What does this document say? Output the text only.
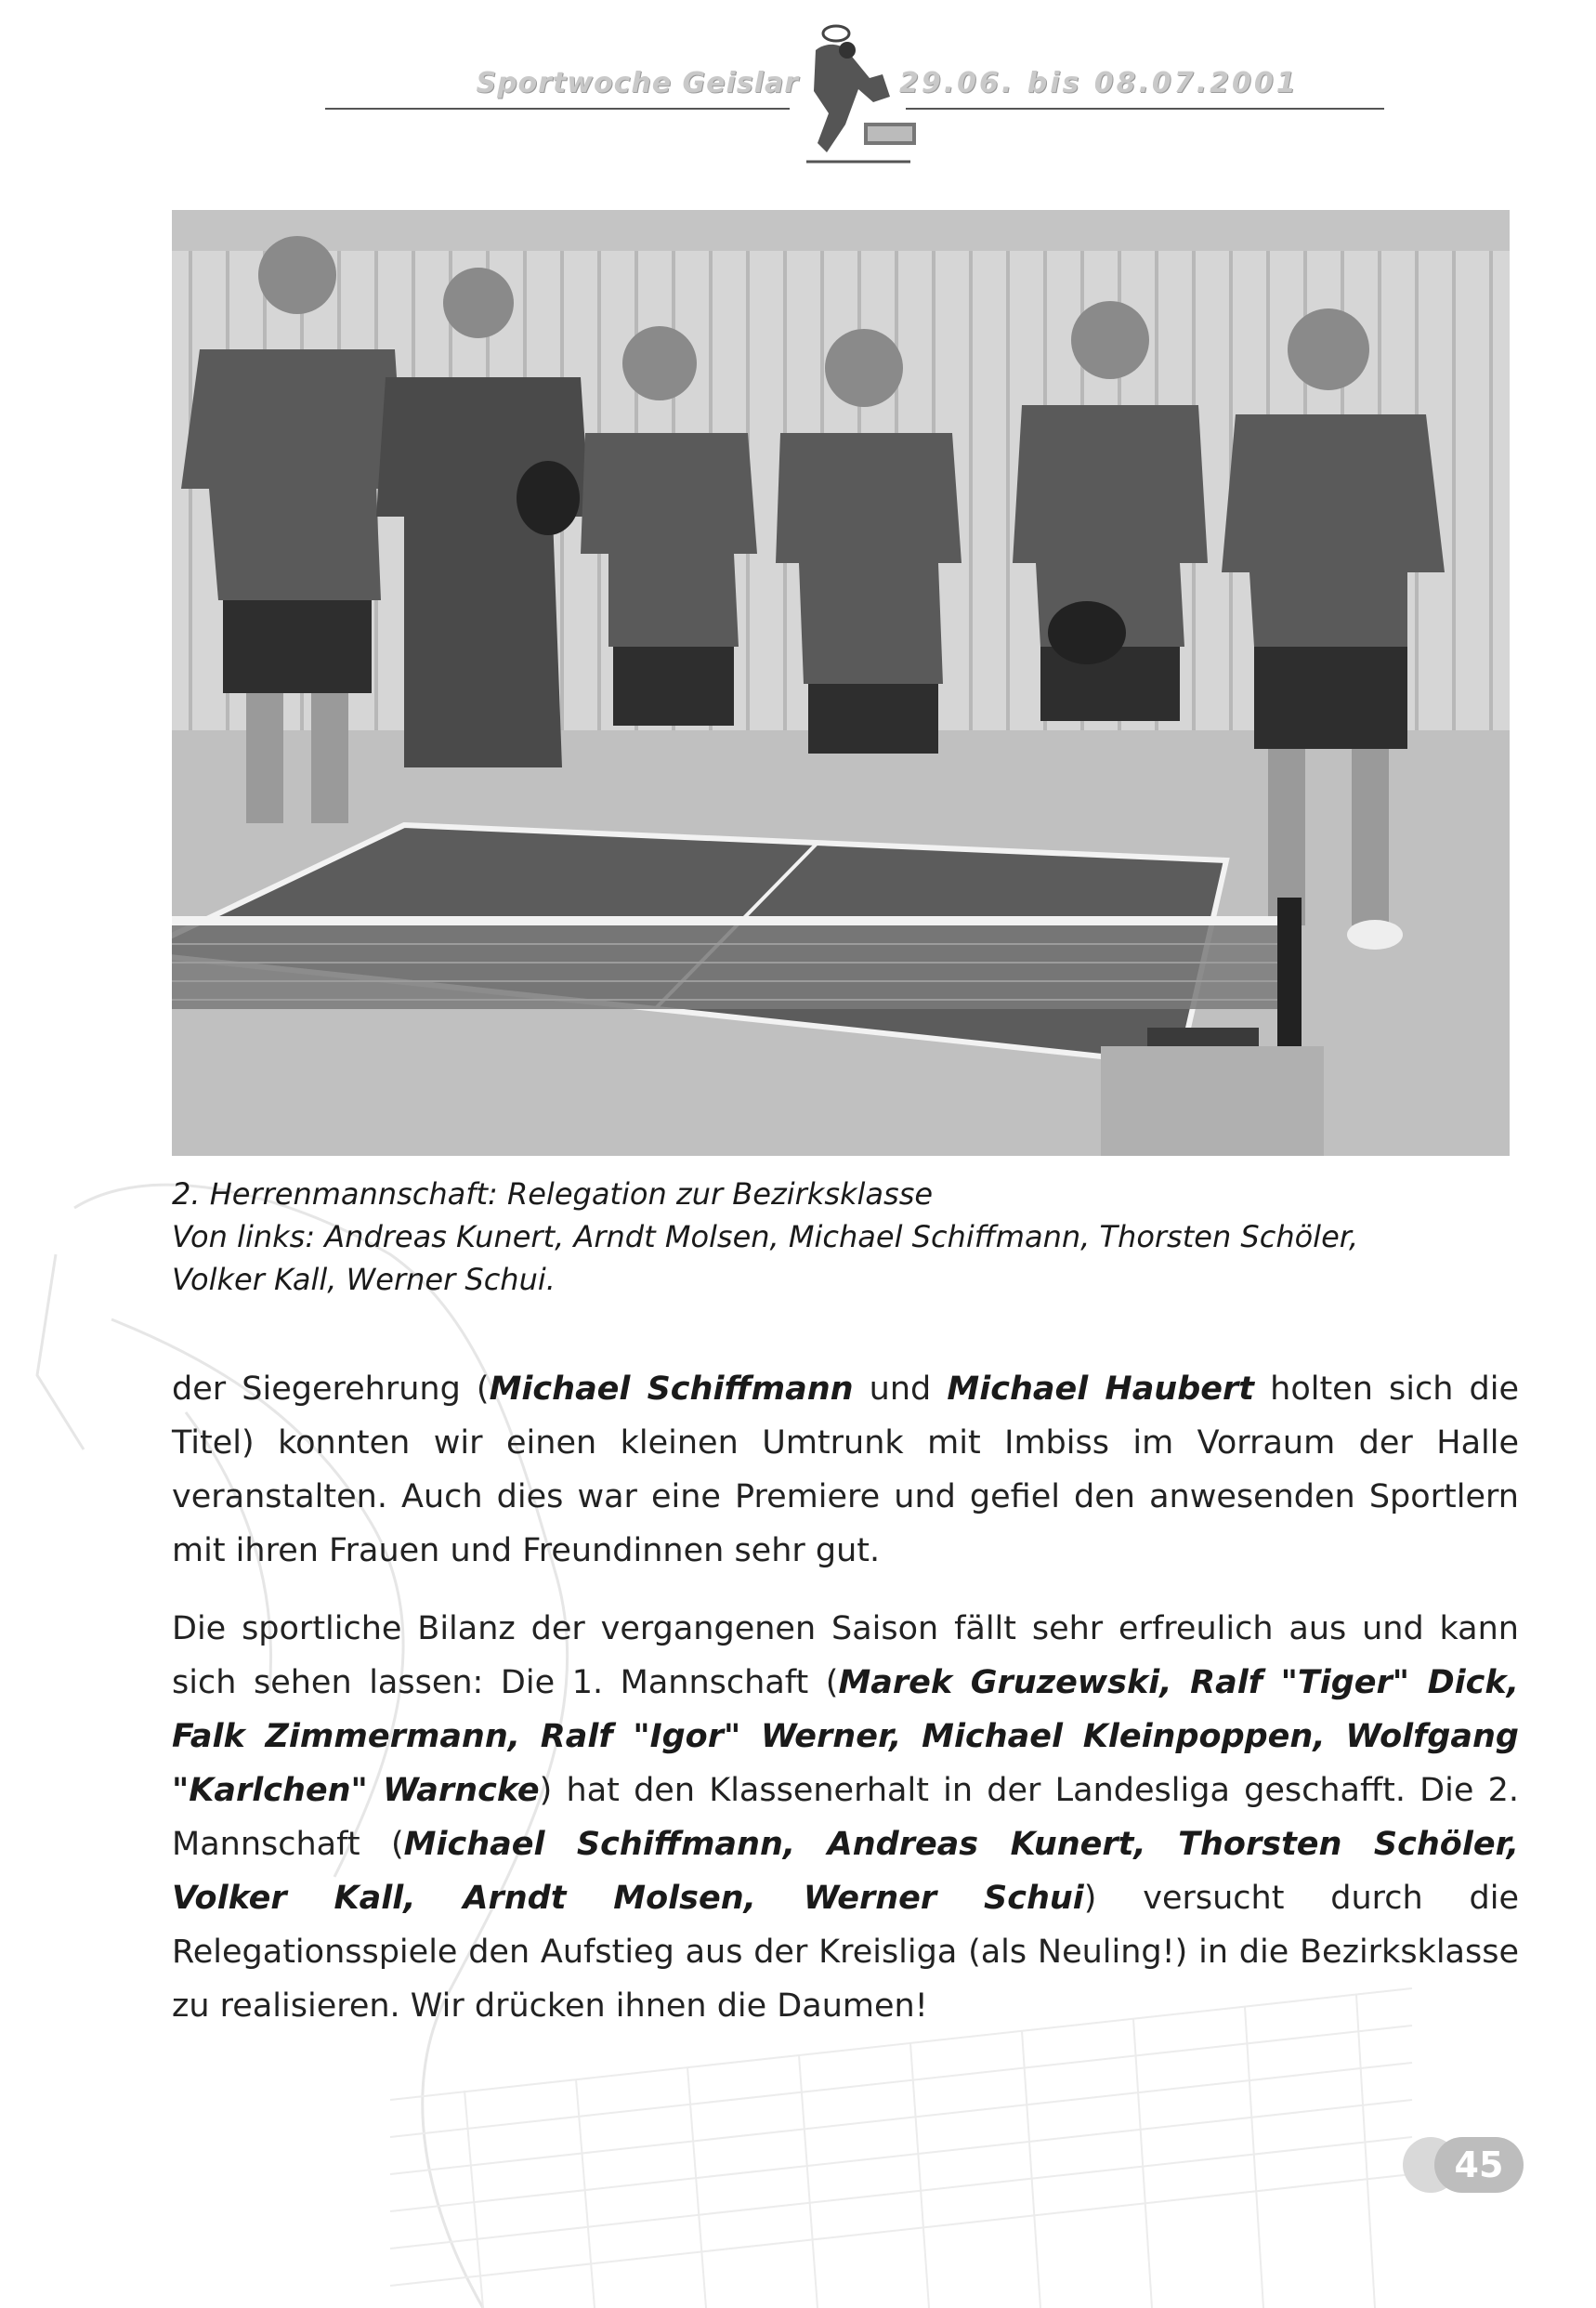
Sportwoche Geislar	29.06. bis 08.07.2001

2. Herrenmannschaft: Relegation zur Bezirksklasse

Von links: Andreas Kunert, Arndt Molsen, Michael Schiffmann, Thorsten Schöler,

Volker Kall, Werner Schui.

der Siegerehrung (Michael Schiffmann und Michael Haubert holten sich die Titel) konnten wir einen kleinen Umtrunk mit Imbiss im Vorraum der Halle veranstalten. Auch dies war eine Premiere und gefiel den anwesenden Sportlern mit ihren Frauen und Freundinnen sehr gut.

Die sportliche Bilanz der vergangenen Saison fällt sehr erfreulich aus und kann sich sehen lassen: Die 1. Mannschaft (Marek Gruzewski, Ralf "Tiger" Dick, Falk Zimmermann, Ralf "Igor" Werner, Michael Kleinpoppen, Wolfgang "Karlchen" Warncke) hat den Klassenerhalt in der Landesliga geschafft. Die 2. Mannschaft (Michael Schiffmann, Andreas Kunert, Thorsten Schöler, Volker Kall, Arndt Molsen, Werner Schui) versucht durch die Relegationsspiele den Aufstieg aus der Kreisliga (als Neuling!) in die Bezirksklasse zu realisieren. Wir drücken ihnen die Daumen!

45
